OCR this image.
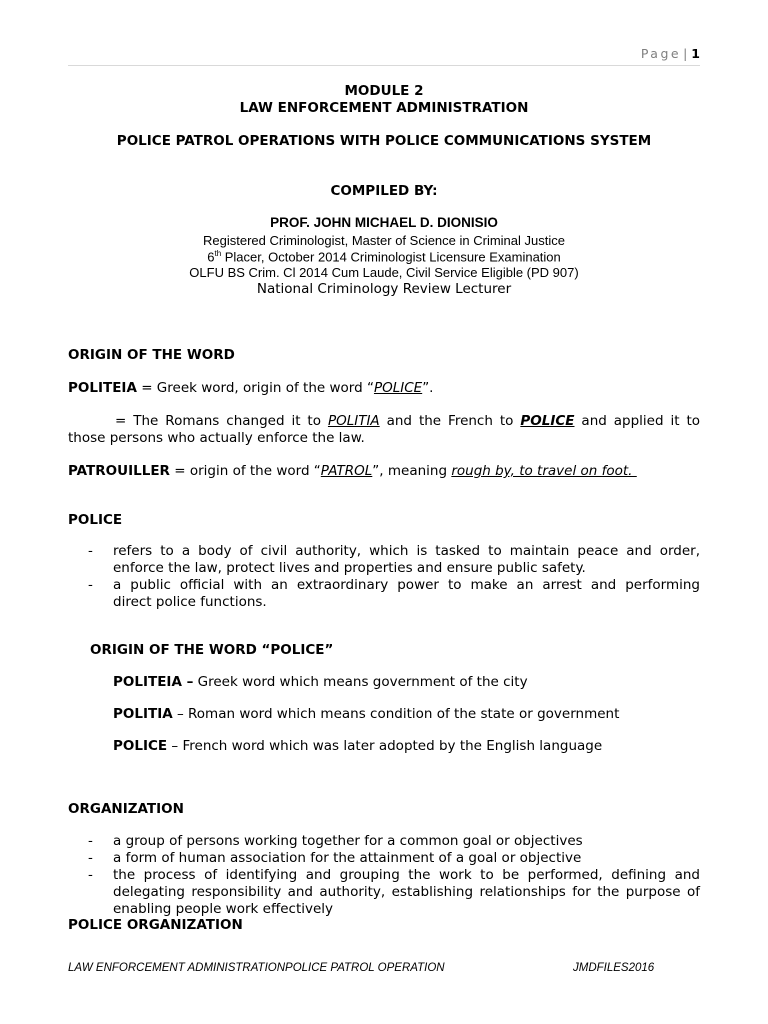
Page | 1
MODULE 2
LAW ENFORCEMENT ADMINISTRATION
POLICE PATROL OPERATIONS WITH POLICE COMMUNICATIONS SYSTEM
COMPILED BY:
PROF. JOHN MICHAEL D. DIONISIO
Registered Criminologist, Master of Science in Criminal Justice
6th Placer, October 2014 Criminologist Licensure Examination
OLFU BS Crim. Cl 2014 Cum Laude, Civil Service Eligible (PD 907)
National Criminology Review Lecturer
ORIGIN OF THE WORD
POLITEIA = Greek word, origin of the word “POLICE”.
= The Romans changed it to POLITIA and the French to POLICE and applied it to
those persons who actually enforce the law.
PATROUILLER = origin of the word “PATROL”, meaning rough by, to travel on foot.
POLICE
- refers to a body of civil authority, which is tasked to maintain peace and order,
enforce the law, protect lives and properties and ensure public safety.
- a public official with an extraordinary power to make an arrest and performing
direct police functions.
ORIGIN OF THE WORD “POLICE”
POLITEIA – Greek word which means government of the city
POLITIA – Roman word which means condition of the state or government
POLICE – French word which was later adopted by the English language
ORGANIZATION
- a group of persons working together for a common goal or objectives
- a form of human association for the attainment of a goal or objective
- the process of identifying and grouping the work to be performed, defining and
delegating responsibility and authority, establishing relationships for the purpose of
enabling people work effectively
POLICE ORGANIZATION
LAW ENFORCEMENT ADMINISTRATIONPOLICE PATROL OPERATION	JMDFILES2016
